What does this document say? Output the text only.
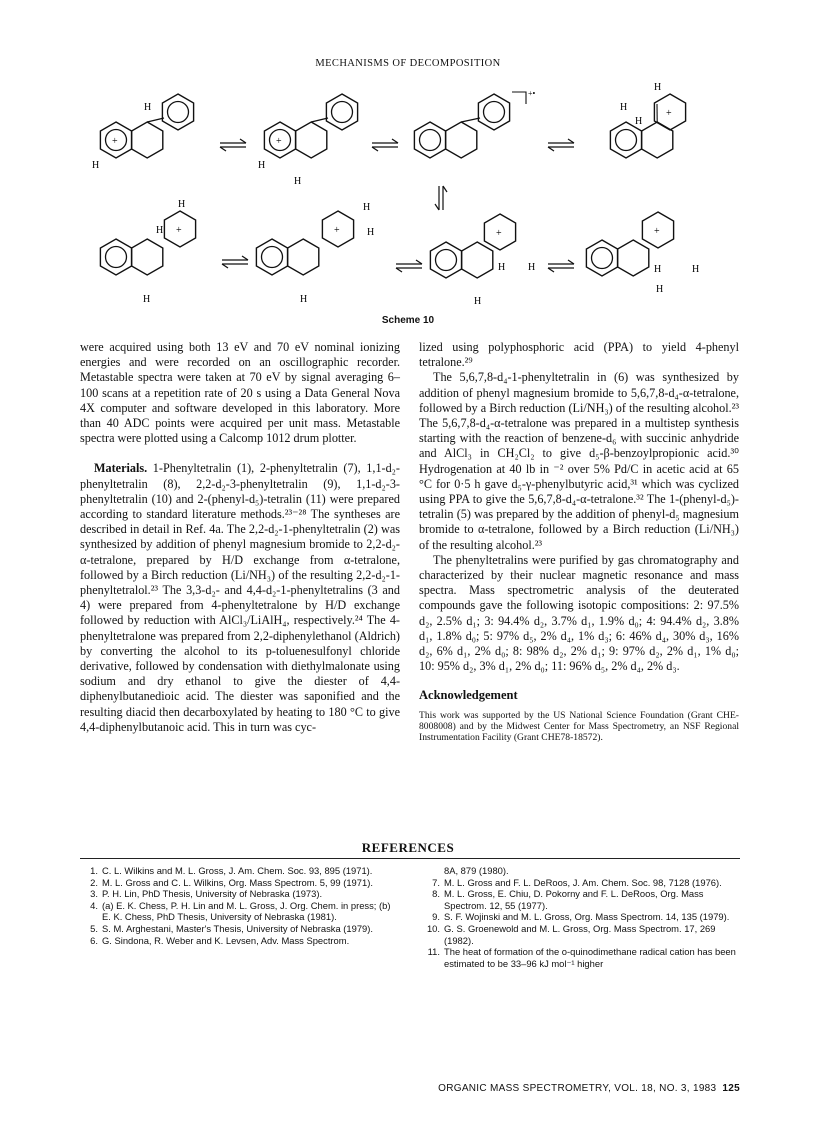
MECHANISMS OF DECOMPOSITION
H
H
+
H
H
+
+•
+
H
H
H
+
H
H
H
+
H
H
H
+
H H
H
+
H	H
H
Scheme 10

were acquired using both 13 eV and 70 eV nominal ionizing energies and were recorded on an oscillographic recorder. Metastable spectra were taken at 70 eV by signal averaging 6–100 scans at a repetition rate of 20 s using a Data General Nova 4X computer and software developed in this laboratory. More than 40 ADC points were acquired per unit mass. Metastable spectra were plotted using a Calcomp 1012 drum plotter.

Materials. 1-Phenyltetralin (1), 2-phenyltetralin (7), 1,1-d₂-phenyltetralin (8), 2,2-d₂-3-phenyltetralin (9), 1,1-d₂-3-phenyltetralin (10) and 2-(phenyl-d₅)-tetralin (11) were prepared according to standard literature methods.²³⁻²⁸ The syntheses are described in detail in Ref. 4a. The 2,2-d₂-1-phenyltetralin (2) was synthesized by addition of phenyl magnesium bromide to 2,2-d₂-α-tetralone, prepared by H/D exchange from α-tetralone, followed by a Birch reduction (Li/NH₃) of the resulting 2,2-d₂-1-phenyltetralol.²³ The 3,3-d₂- and 4,4-d₂-1-phenyltetralins (3 and 4) were prepared from 4-phenyltetralone by H/D exchange followed by reduction with AlCl₃/LiAlH₄, respectively.²⁴ The 4-phenyltetralone was prepared from 2,2-diphenylethanol (Aldrich) by converting the alcohol to its p-toluenesulfonyl chloride derivative, followed by condensation with diethylmalonate using sodium and dry ethanol to give the diester of 4,4-diphenylbutanedioic acid. The diester was saponified and the resulting diacid then decarboxylated by heating to 180 °C to give 4,4-diphenylbutanoic acid. This in turn was cyc-

lized using polyphosphoric acid (PPA) to yield 4-phenyl tetralone.²⁹

The 5,6,7,8-d₄-1-phenyltetralin in (6) was synthesized by addition of phenyl magnesium bromide to 5,6,7,8-d₄-α-tetralone, followed by a Birch reduction (Li/NH₃) of the resulting alcohol.²³ The 5,6,7,8-d₄-α-tetralone was prepared in a multistep synthesis starting with the reaction of benzene-d₆ with succinic anhydride and AlCl₃ in CH₂Cl₂ to give d₅-β-benzoylpropionic acid.³⁰ Hydrogenation at 40 lb in ⁻² over 5% Pd/C in acetic acid at 65 °C for 0·5 h gave d₅-γ-phenylbutyric acid,³¹ which was cyclized using PPA to give the 5,6,7,8-d₄-α-tetralone.³² The 1-(phenyl-d₅)-tetralin (5) was prepared by the addition of phenyl-d₅ magnesium bromide to α-tetralone, followed by a Birch reduction (Li/NH₃) of the resulting alcohol.²³

The phenyltetralins were purified by gas chromatography and characterized by their nuclear magnetic resonance and mass spectra. Mass spectrometric analysis of the deuterated compounds gave the following isotopic compositions: 2: 97.5% d₂, 2.5% d₁; 3: 94.4% d₂, 3.7% d₁, 1.9% d₀; 4: 94.4% d₂, 3.8% d₁, 1.8% d₀; 5: 97% d₅, 2% d₄, 1% d₃; 6: 46% d₄, 30% d₃, 16% d₂, 6% d₁, 2% d₀; 8: 98% d₂, 2% d₁; 9: 97% d₂, 2% d₁, 1% d₀; 10: 95% d₂, 3% d₁, 2% d₀; 11: 96% d₅, 2% d₄, 2% d₃.

Acknowledgement

This work was supported by the US National Science Foundation (Grant CHE-8008008) and by the Midwest Center for Mass Spectrometry, an NSF Regional Instrumentation Facility (Grant CHE78-18572).

REFERENCES
1. C. L. Wilkins and M. L. Gross, J. Am. Chem. Soc. 93, 895 (1971).
2. M. L. Gross and C. L. Wilkins, Org. Mass Spectrom. 5, 99 (1971).
3. P. H. Lin, PhD Thesis, University of Nebraska (1973).
4. (a) E. K. Chess, P. H. Lin and M. L. Gross, J. Org. Chem. in press; (b) E. K. Chess, PhD Thesis, University of Nebraska (1981).
5. S. M. Arghestani, Master's Thesis, University of Nebraska (1979).
6. G. Sindona, R. Weber and K. Levsen, Adv. Mass Spectrom.
8A, 879 (1980).
7. M. L. Gross and F. L. DeRoos, J. Am. Chem. Soc. 98, 7128 (1976).
8. M. L. Gross, E. Chiu, D. Pokorny and F. L. DeRoos, Org. Mass Spectrom. 12, 55 (1977).
9. S. F. Wojinski and M. L. Gross, Org. Mass Spectrom. 14, 135 (1979).
10. G. S. Groenewold and M. L. Gross, Org. Mass Spectrom. 17, 269 (1982).
11. The heat of formation of the o-quinodimethane radical cation has been estimated to be 33–96 kJ mol⁻¹ higher
ORGANIC MASS SPECTROMETRY, VOL. 18, NO. 3, 1983 125
